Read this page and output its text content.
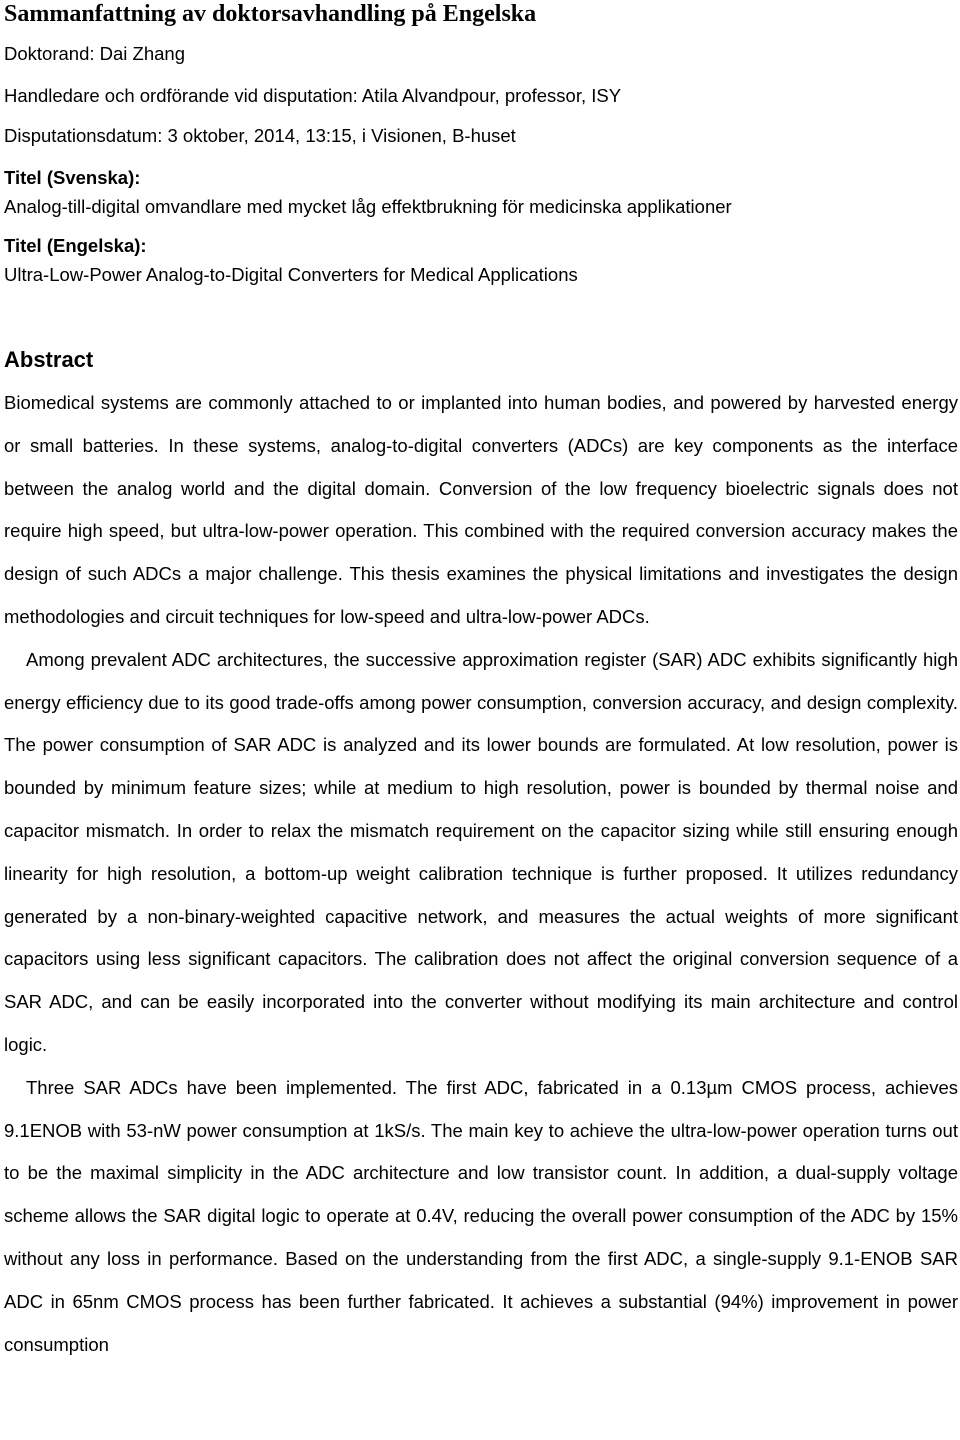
Sammanfattning av doktorsavhandling på Engelska
Doktorand: Dai Zhang
Handledare och ordförande vid disputation: Atila Alvandpour, professor, ISY
Disputationsdatum: 3 oktober, 2014, 13:15, i Visionen, B-huset
Titel (Svenska):
Analog-till-digital omvandlare med mycket låg effektbrukning för medicinska applikationer
Titel (Engelska):
Ultra-Low-Power Analog-to-Digital Converters for Medical Applications
Abstract

Biomedical systems are commonly attached to or implanted into human bodies, and powered by harvested energy or small batteries. In these systems, analog-to-digital converters (ADCs) are key components as the interface between the analog world and the digital domain. Conversion of the low frequency bioelectric signals does not require high speed, but ultra-low-power operation. This combined with the required conversion accuracy makes the design of such ADCs a major challenge. This thesis examines the physical limitations and investigates the design methodologies and circuit techniques for low-speed and ultra-low-power ADCs.

Among prevalent ADC architectures, the successive approximation register (SAR) ADC exhibits significantly high energy efficiency due to its good trade-offs among power consumption, conversion accuracy, and design complexity. The power consumption of SAR ADC is analyzed and its lower bounds are formulated. At low resolution, power is bounded by minimum feature sizes; while at medium to high resolution, power is bounded by thermal noise and capacitor mismatch. In order to relax the mismatch requirement on the capacitor sizing while still ensuring enough linearity for high resolution, a bottom-up weight calibration technique is further proposed. It utilizes redundancy generated by a non-binary-weighted capacitive network, and measures the actual weights of more significant capacitors using less significant capacitors. The calibration does not affect the original conversion sequence of a SAR ADC, and can be easily incorporated into the converter without modifying its main architecture and control logic.

Three SAR ADCs have been implemented. The first ADC, fabricated in a 0.13µm CMOS process, achieves 9.1ENOB with 53-nW power consumption at 1kS/s. The main key to achieve the ultra-low-power operation turns out to be the maximal simplicity in the ADC architecture and low transistor count. In addition, a dual-supply voltage scheme allows the SAR digital logic to operate at 0.4V, reducing the overall power consumption of the ADC by 15% without any loss in performance. Based on the understanding from the first ADC, a single-supply 9.1-ENOB SAR ADC in 65nm CMOS process has been further fabricated. It achieves a substantial (94%) improvement in power consumption
